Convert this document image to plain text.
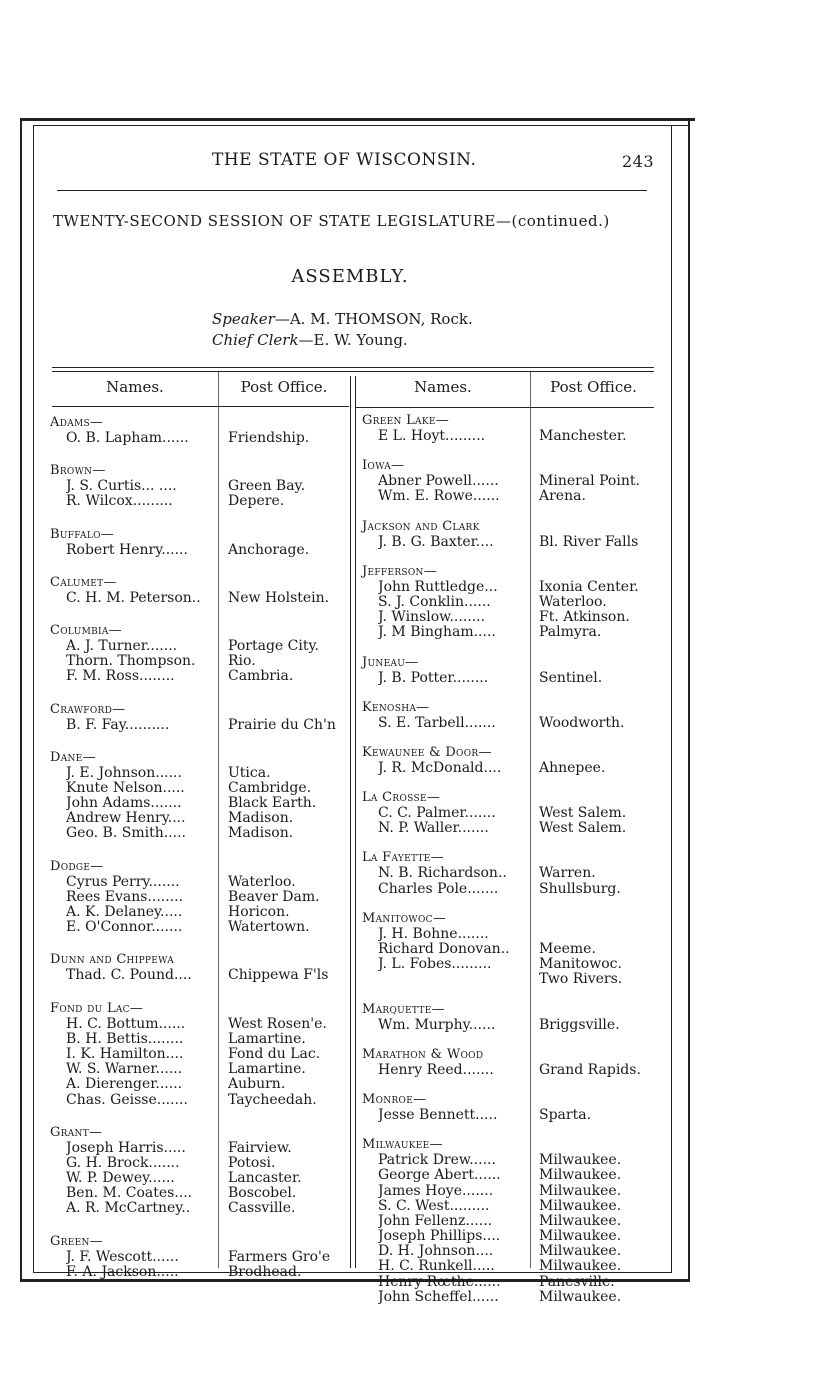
THE STATE OF WISCONSIN.	243
TWENTY-SECOND SESSION OF STATE LEGISLATURE—(continued.)
ASSEMBLY.
Speaker—A. M. THOMSON, Rock.
Chief Clerk—E. W. Young.
Names.	Post Office.	Names.	Post Office.
Adams—
O. B. Lapham......	Friendship.
Brown—
J. S. Curtis... ....	Green Bay.
R. Wilcox.........	Depere.
Buffalo—
Robert Henry......	Anchorage.
Calumet—
C. H. M. Peterson..	New Holstein.
Columbia—
A. J. Turner.......	Portage City.
Thorn. Thompson.	Rio.
F. M. Ross........	Cambria.
Crawford—
B. F. Fay..........	Prairie du Ch'n
Dane—
J. E. Johnson......	Utica.
Knute Nelson.....	Cambridge.
John Adams.......	Black Earth.
Andrew Henry....	Madison.
Geo. B. Smith.....	Madison.
Dodge—
Cyrus Perry.......	Waterloo.
Rees Evans........	Beaver Dam.
A. K. Delaney.....	Horicon.
E. O'Connor.......	Watertown.
Dunn and Chippewa
Thad. C. Pound....	Chippewa F'ls
Fond du Lac—
H. C. Bottum......	West Rosen'e.
B. H. Bettis........	Lamartine.
I. K. Hamilton....	Fond du Lac.
W. S. Warner......	Lamartine.
A. Dierenger......	Auburn.
Chas. Geisse.......	Taycheedah.
Grant—
Joseph Harris.....	Fairview.
G. H. Brock.......	Potosi.
W. P. Dewey......	Lancaster.
Ben. M. Coates....	Boscobel.
A. R. McCartney..	Cassville.
Green—
J. F. Wescott......	Farmers Gro'e
F. A. Jackson.....	Brodhead.
Green Lake—
E L. Hoyt.........	Manchester.
Iowa—
Abner Powell......	Mineral Point.
Wm. E. Rowe......	Arena.
Jackson and Clark
J. B. G. Baxter....	Bl. River Falls
Jefferson—
John Ruttledge...	Ixonia Center.
S. J. Conklin......	Waterloo.
J. Winslow........	Ft. Atkinson.
J. M Bingham.....	Palmyra.
Juneau—
J. B. Potter........	Sentinel.
Kenosha—
S. E. Tarbell.......	Woodworth.
Kewaunee & Door—
J. R. McDonald....	Ahnepee.
La Crosse—
C. C. Palmer.......	West Salem.
N. P. Waller.......	West Salem.
La Fayette—
N. B. Richardson..	Warren.
Charles Pole.......	Shullsburg.
Manitowoc—
J. H. Bohne.......
Richard Donovan..	Meeme.
J. L. Fobes.........	Manitowoc.
Two Rivers.
Marquette—
Wm. Murphy......	Briggsville.
Marathon & Wood
Henry Reed.......	Grand Rapids.
Monroe—
Jesse Bennett.....	Sparta.
Milwaukee—
Patrick Drew......	Milwaukee.
George Abert......	Milwaukee.
James Hoye.......	Milwaukee.
S. C. West.........	Milwaukee.
John Fellenz......	Milwaukee.
Joseph Phillips....	Milwaukee.
D. H. Johnson....	Milwaukee.
H. C. Runkell.....	Milwaukee.
Henry Rœthe......	Panesville.
John Scheffel......	Milwaukee.
